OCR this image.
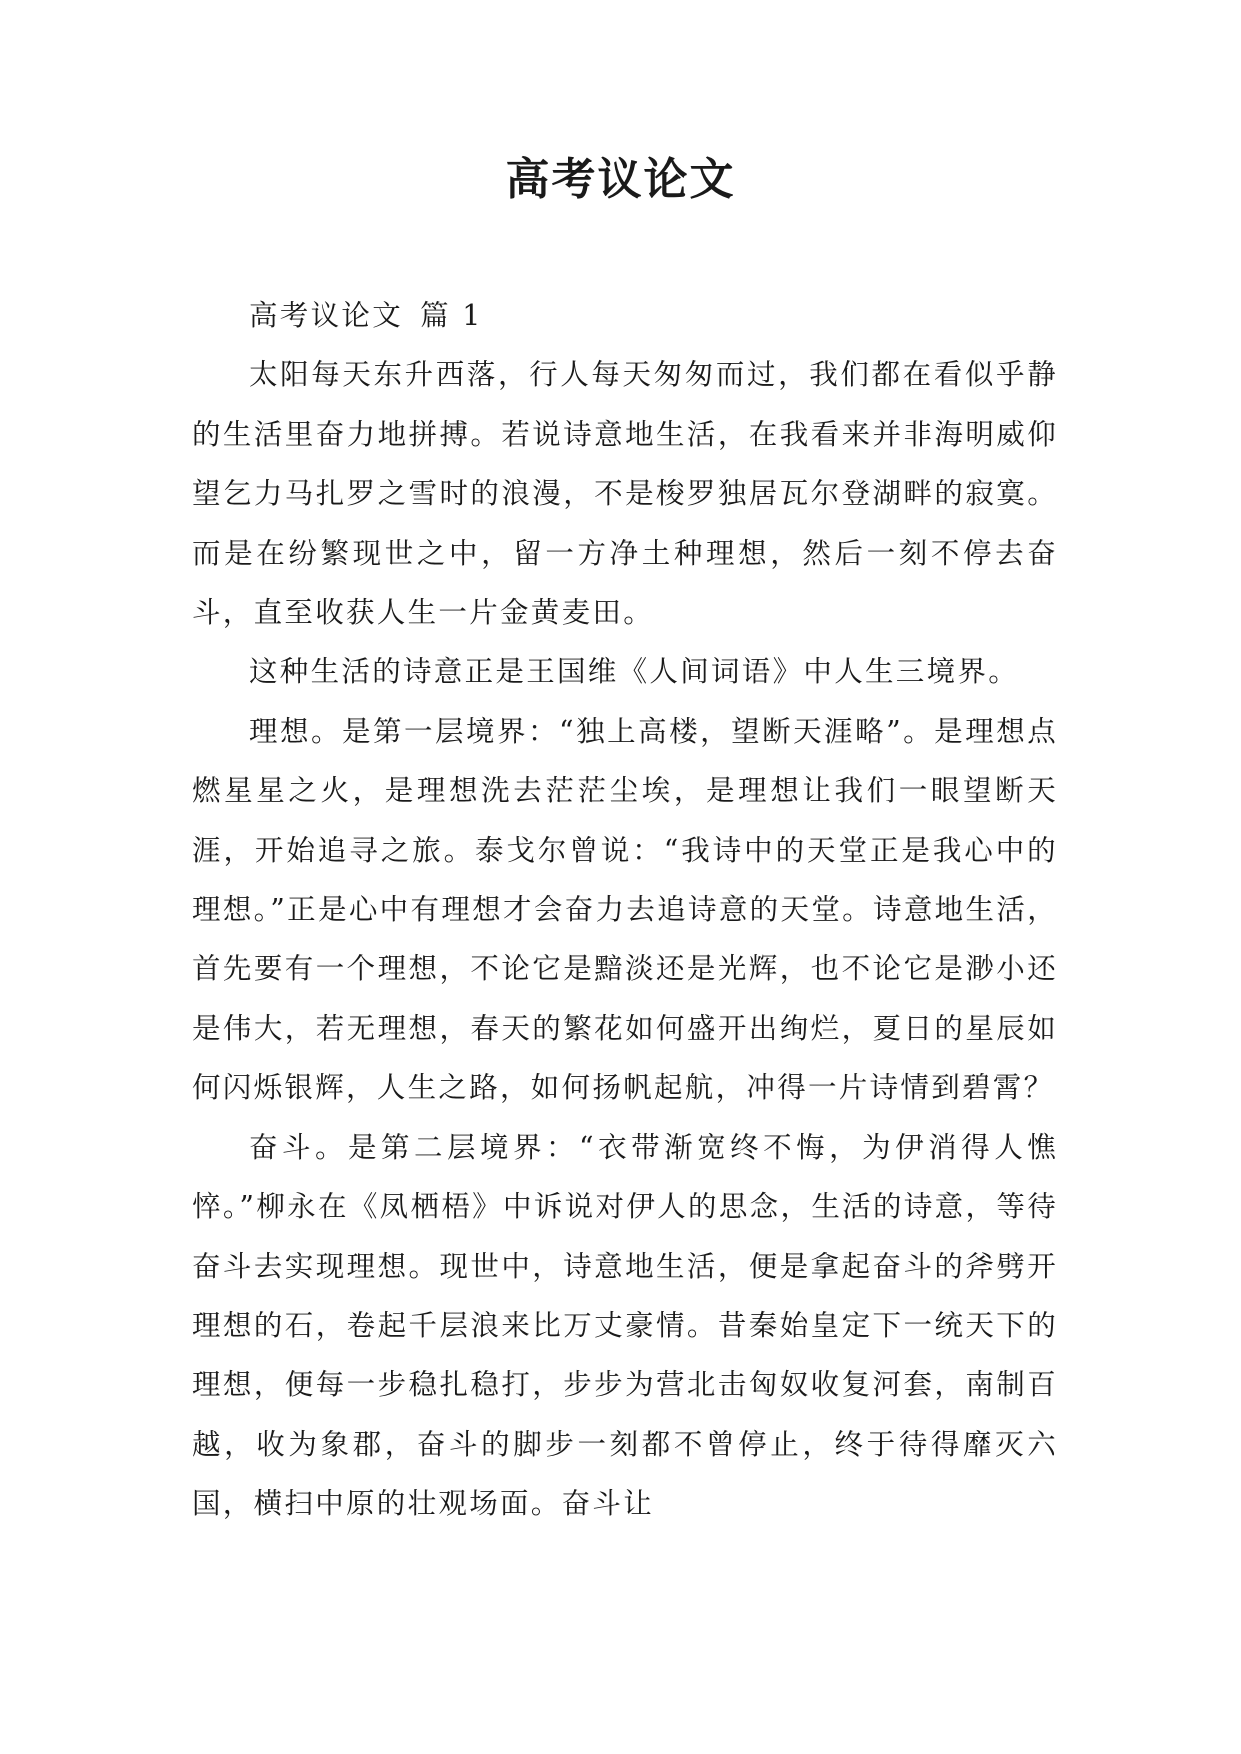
高考议论文

高考议论文 篇 1

太阳每天东升西落，行人每天匆匆而过，我们都在看似乎静的生活里奋力地拼搏。若说诗意地生活，在我看来并非海明威仰望乞力马扎罗之雪时的浪漫，不是梭罗独居瓦尔登湖畔的寂寞。而是在纷繁现世之中，留一方净土种理想，然后一刻不停去奋斗，直至收获人生一片金黄麦田。

这种生活的诗意正是王国维《人间词语》中人生三境界。

理想。是第一层境界：“独上高楼，望断天涯略”。是理想点燃星星之火，是理想洗去茫茫尘埃，是理想让我们一眼望断天涯，开始追寻之旅。泰戈尔曾说：“我诗中的天堂正是我心中的理想。”正是心中有理想才会奋力去追诗意的天堂。诗意地生活，首先要有一个理想，不论它是黯淡还是光辉，也不论它是渺小还是伟大，若无理想，春天的繁花如何盛开出绚烂，夏日的星辰如何闪烁银辉，人生之路，如何扬帆起航，冲得一片诗情到碧霄？

奋斗。是第二层境界：“衣带渐宽终不悔，为伊消得人憔悴。”柳永在《凤栖梧》中诉说对伊人的思念，生活的诗意，等待奋斗去实现理想。现世中，诗意地生活，便是拿起奋斗的斧劈开理想的石，卷起千层浪来比万丈豪情。昔秦始皇定下一统天下的理想，便每一步稳扎稳打，步步为营北击匈奴收复河套，南制百越，收为象郡，奋斗的脚步一刻都不曾停止，终于待得靡灭六国，横扫中原的壮观场面。奋斗让
